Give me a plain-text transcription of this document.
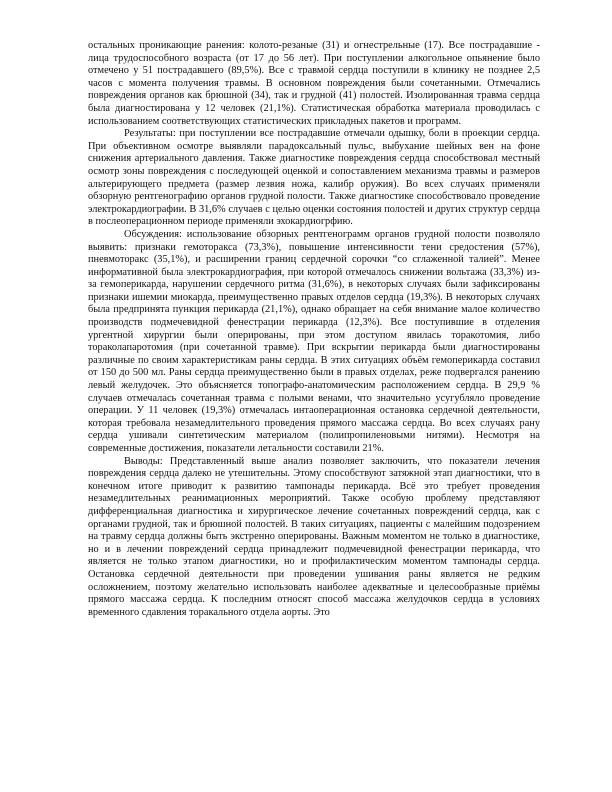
остальных проникающие ранения: колото-резаные (31) и огнестрельные (17). Все пострадавшие - лица трудоспособного возраста (от 17 до 56 лет). При поступлении алкогольное опьянение было отмечено у 51 пострадавшего (89,5%). Все с травмой сердца поступили в клинику не позднее 2,5 часов с момента получения травмы. В основном повреждения были сочетанными. Отмечались повреждения органов как брюшной (34), так и грудной (41) полостей. Изолированная травма сердца была диагностирована у 12 человек (21,1%). Статистическая обработка материала проводилась с использованием соответствующих статистических прикладных пакетов и программ.

Результаты: при поступлении все пострадавшие отмечали одышку, боли в проекции сердца. При объективном осмотре выявляли парадоксальный пульс, выбухание шейных вен на фоне снижения артериального давления. Также диагностике повреждения сердца способствовал местный осмотр зоны повреждения с последующей оценкой и сопоставлением механизма травмы и размеров альтерирующего предмета (размер лезвия ножа, калибр оружия). Во всех случаях применяли обзорную рентгенографию органов грудной полости. Также диагностике способствовало проведение электрокардиографии. В 31,6% случаев с целью оценки состояния полостей и других структур сердца в послеоперационном периоде применяли эхокардиогрфию.

Обсуждения: использование обзорных рентгенограмм органов грудной полости позволяло выявить: признаки гемоторакса (73,3%), повышение интенсивности тени средостения (57%), пневмоторакс (35,1%), и расширении границ сердечной сорочки “со сглаженной талией”. Менее информативной была электрокардиография, при которой отмечалось снижении вольтажа (33,3%) из-за гемоперикарда, нарушении сердечного ритма (31,6%), в некоторых случаях были зафиксированы признаки ишемии миокарда, преимущественно правых отделов сердца (19,3%). В некоторых случаях была предпринята пункция перикарда (21,1%), однако обращает на себя внимание малое количество производств подмечевидной фенестрации перикарда (12,3%). Все поступившие в отделения ургентной хирургии были оперированы, при этом доступом явилась торакотомия, либо тораколапаротомия (при сочетанной травме). При вскрытии перикарда были диагностированы различные по своим характеристикам раны сердца. В этих ситуациях объём гемоперикарда составил от 150 до 500 мл. Раны сердца преимущественно были в правых отделах, реже подвергался ранению левый желудочек. Это объясняется топографо-анатомическим расположением сердца. В 29,9 % случаев отмечалась сочетанная травма с полыми венами, что значительно усугубляло проведение операции. У 11 человек (19,3%) отмечалась интаоперационная остановка сердечной деятельности, которая требовала незамедлительного проведения прямого массажа сердца. Во всех случаях рану сердца ушивали синтетическим материалом (полипропиленовыми нитями). Несмотря на современные достижения, показатели летальности составили 21%.

Выводы: Представленный выше анализ позволяет заключить, что показатели лечения повреждения сердца далеко не утешительны. Этому способствуют затяжной этап диагностики, что в конечном итоге приводит к развитию тампонады перикарда. Всё это требует проведения незамедлительных реанимационных мероприятий. Также особую проблему представляют дифференциальная диагностика и хирургическое лечение сочетанных повреждений сердца, как с органами грудной, так и брюшной полостей. В таких ситуациях, пациенты с малейшим подозрением на травму сердца должны быть экстренно оперированы. Важным моментом не только в диагностике, но и в лечении повреждений сердца принадлежит подмечевидной фенестрации перикарда, что является не только этапом диагностики, но и профилактическим моментом тампонады сердца. Остановка сердечной деятельности при проведении ушивания раны является не редким осложнением, поэтому желательно использовать наиболее адекватные и целесообразные приёмы прямого массажа сердца. К последним относят способ массажа желудочков сердца в условиях временного сдавления торакального отдела аорты. Это
